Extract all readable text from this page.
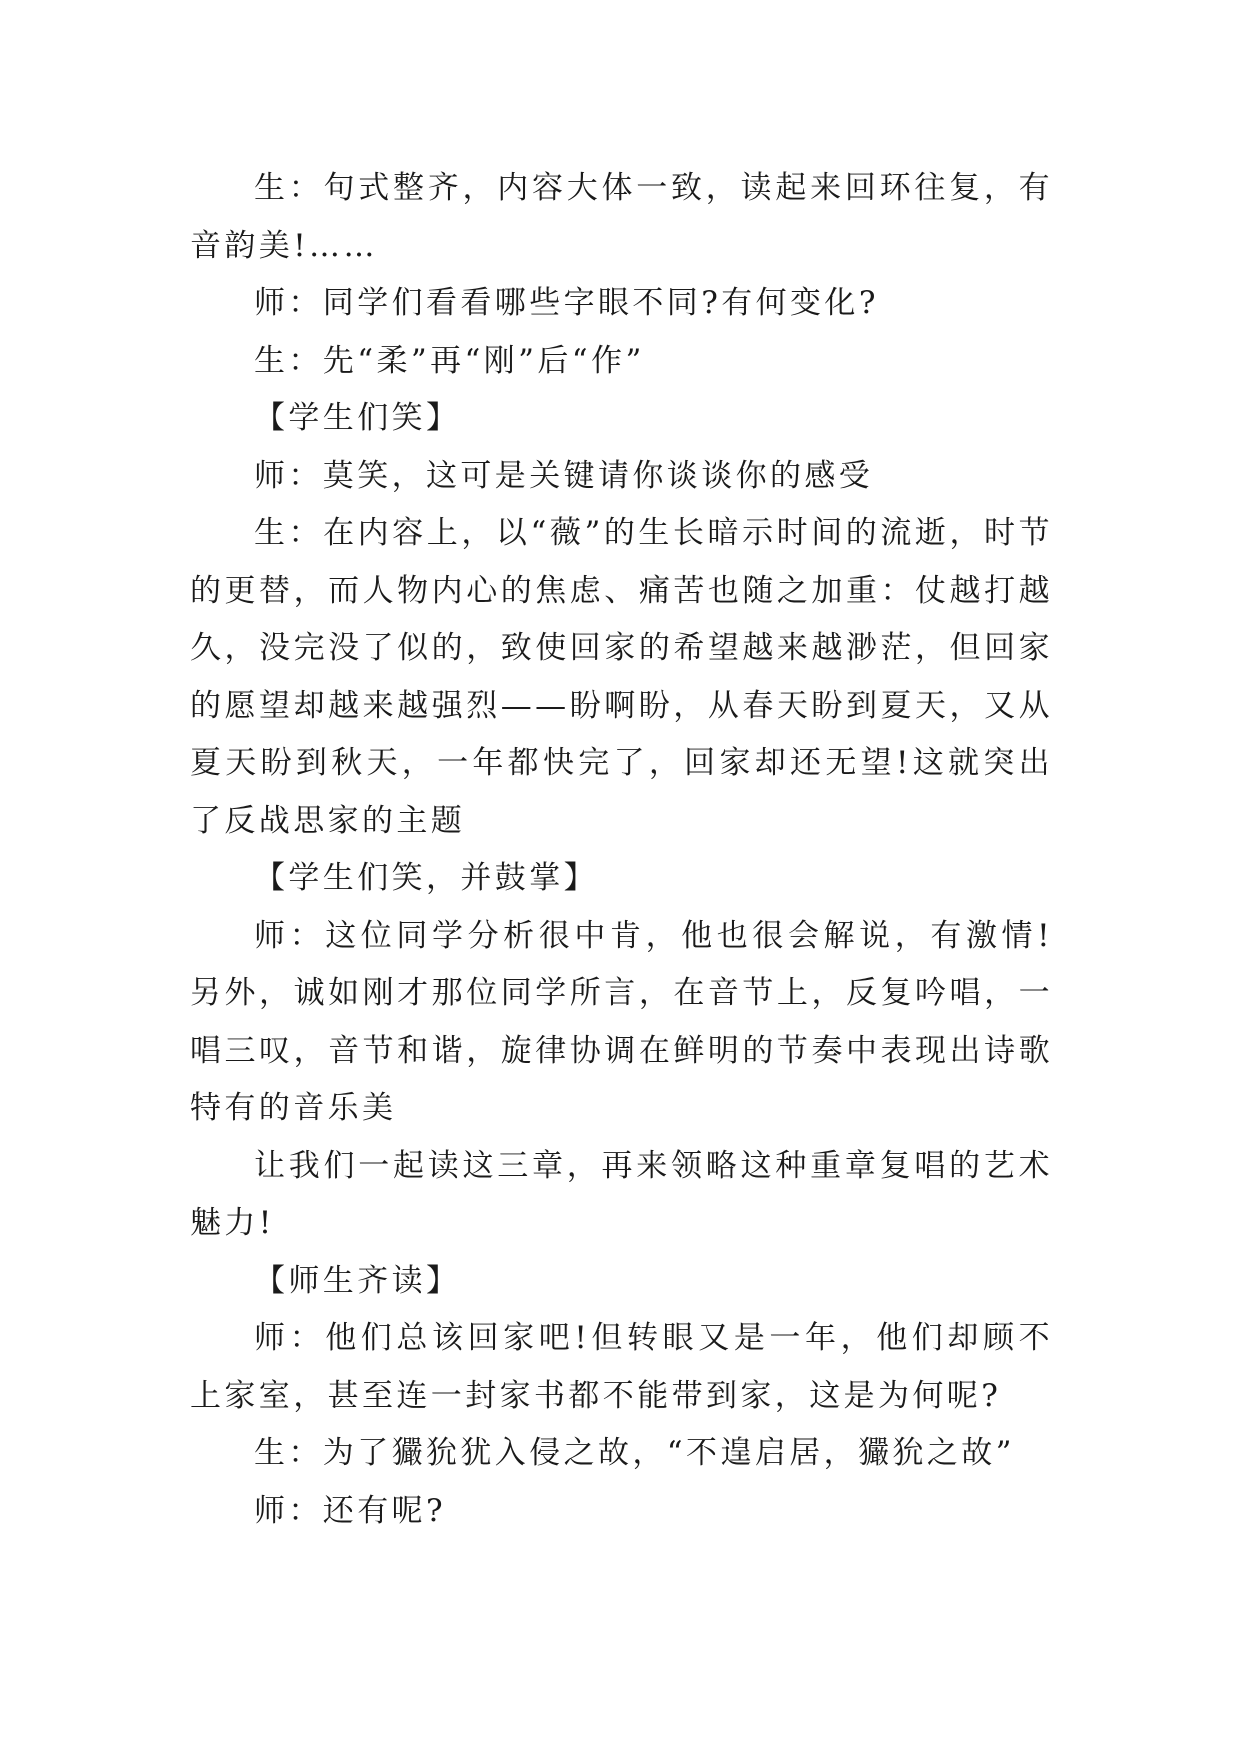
生：句式整齐，内容大体一致，读起来回环往复，有音韵美!……

师：同学们看看哪些字眼不同?有何变化?

生：先“柔”再“刚”后“作”

【学生们笑】

师：莫笑，这可是关键请你谈谈你的感受

生：在内容上，以“薇”的生长暗示时间的流逝，时节的更替，而人物内心的焦虑、痛苦也随之加重：仗越打越久，没完没了似的，致使回家的希望越来越渺茫，但回家的愿望却越来越强烈——盼啊盼，从春天盼到夏天，又从夏天盼到秋天，一年都快完了，回家却还无望!这就突出了反战思家的主题

【学生们笑，并鼓掌】

师：这位同学分析很中肯，他也很会解说，有激情!另外，诚如刚才那位同学所言，在音节上，反复吟唱，一唱三叹，音节和谐，旋律协调在鲜明的节奏中表现出诗歌特有的音乐美

让我们一起读这三章，再来领略这种重章复唱的艺术魅力!

【师生齐读】

师：他们总该回家吧!但转眼又是一年，他们却顾不上家室，甚至连一封家书都不能带到家，这是为何呢?

生：为了玁狁犹入侵之故，“不遑启居，玁狁之故”

师：还有呢?
